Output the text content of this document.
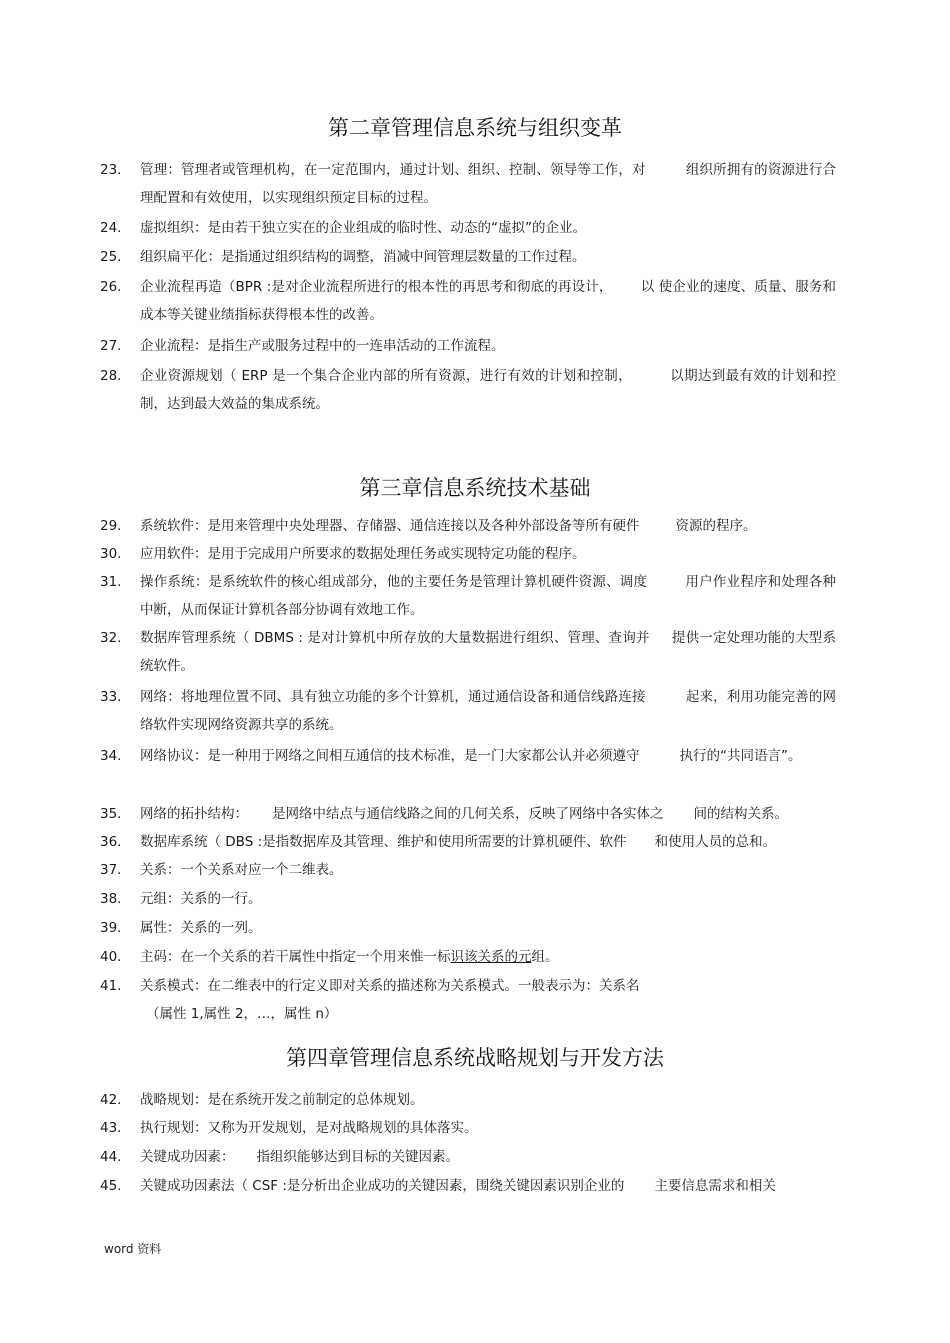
第二章管理信息系统与组织变革
23.	管理：管理者或管理机构，在一定范围内，通过计划、组织、控制、领导等工作，对	组织所拥有的资源进行合理配置和有效使用，以实现组织预定目标的过程。
24.	虚拟组织：是由若干独立实在的企业组成的临时性、动态的“虚拟”的企业。
25.	组织扁平化：是指通过组织结构的调整，消减中间管理层数量的工作过程。
26.	企业流程再造（BPR :是对企业流程所进行的根本性的再思考和彻底的再设计， 以 使企业的速度、质量、服务和成本等关键业绩指标获得根本性的改善。
27.	企业流程：是指生产或服务过程中的一连串活动的工作流程。
28.	企业资源规划（ ERP 是一个集合企业内部的所有资源，进行有效的计划和控制，	以期达到最有效的计划和控制，达到最大效益的集成系统。
第三章信息系统技术基础
29.	系统软件：是用来管理中央处理器、存储器、通信连接以及各种外部设备等所有硬件	资源的程序。
30.	应用软件：是用于完成用户所要求的数据处理任务或实现特定功能的程序。
31.	操作系统：是系统软件的核心组成部分，他的主要任务是管理计算机硬件资源、调度	用户作业程序和处理各种中断，从而保证计算机各部分协调有效地工作。
32.	数据库管理系统（ DBMS : 是对计算机中所存放的大量数据进行组织、管理、查询并 提供一定处理功能的大型系统软件。
33.	网络：将地理位置不同、具有独立功能的多个计算机，通过通信设备和通信线路连接	起来，利用功能完善的网络软件实现网络资源共享的系统。
34.	网络协议：是一种用于网络之间相互通信的技术标准，是一门大家都公认并必须遵守	执行的“共同语言”。
35.	网络的拓扑结构： 是网络中结点与通信线路之间的几何关系，反映了网络中各实体之 间的结构关系。
36.	数据库系统（ DBS :是指数据库及其管理、维护和使用所需要的计算机硬件、软件 和使用人员的总和。
37.	关系：一个关系对应一个二维表。
38.	元组：关系的一行。
39.	属性：关系的一列。
40.	主码：在一个关系的若干属性中指定一个用来惟一标识该关系的元组。
41.	关系模式：在二维表中的行定义即对关系的描述称为关系模式。一般表示为：关系名
（属性 1,属性 2，…，属性 n）
第四章管理信息系统战略规划与开发方法
42.	战略规划：是在系统开发之前制定的总体规划。
43.	执行规划：又称为开发规划，是对战略规划的具体落实。
44.	关键成功因素： 指组织能够达到目标的关键因素。
45.	关键成功因素法（ CSF :是分析出企业成功的关键因素，围绕关键因素识别企业的 主要信息需求和相关
word 资料
